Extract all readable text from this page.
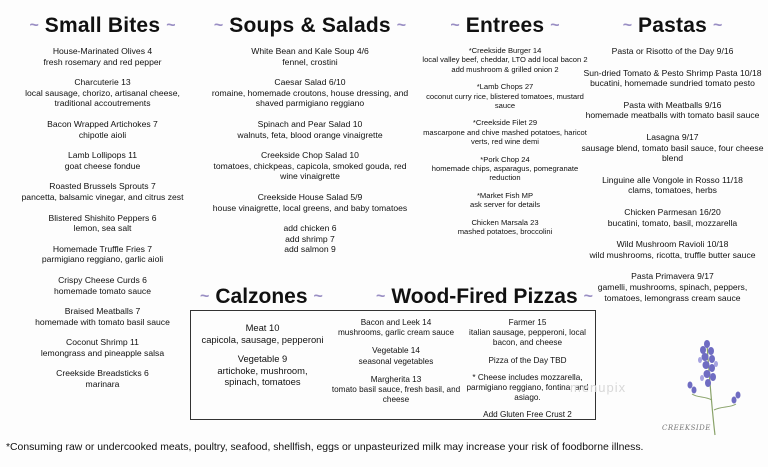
~ Small Bites ~
House-Marinated Olives 4
fresh rosemary and red pepper
Charcuterie 13
local sausage, chorizo, artisanal cheese, traditional accoutrements
Bacon Wrapped Artichokes 7
chipotle aioli
Lamb Lollipops 11
goat cheese fondue
Roasted Brussels Sprouts 7
pancetta, balsamic vinegar, and citrus zest
Blistered Shishito Peppers 6
lemon, sea salt
Homemade Truffle Fries 7
parmigiano reggiano, garlic aioli
Crispy Cheese Curds 6
homemade tomato sauce
Braised Meatballs 7
homemade with tomato basil sauce
Coconut Shrimp 11
lemongrass and pineapple salsa
Creekside Breadsticks 6
marinara
~ Soups & Salads ~
White Bean and Kale Soup 4/6
fennel, crostini
Caesar Salad 6/10
romaine, homemade croutons, house dressing, and shaved parmigiano reggiano
Spinach and Pear Salad 10
walnuts, feta, blood orange vinaigrette
Creekside Chop Salad 10
tomatoes, chickpeas, capicola, smoked gouda, red wine vinaigrette
Creekside House Salad 5/9
house vinaigrette, local greens, and baby tomatoes
add chicken 6
add shrimp 7
add salmon 9
~ Entrees ~
*Creekside Burger 14
local valley beef, cheddar, LTO add local bacon 2 add mushroom & grilled onion 2
*Lamb Chops 27
coconut curry rice, blistered tomatoes, mustard sauce
*Creekside Filet 29
mascarpone and chive mashed potatoes, haricot verts, red wine demi
*Pork Chop 24
homemade chips, asparagus, pomegranate reduction
*Market Fish MP
ask server for details
Chicken Marsala 23
mashed potatoes, broccolini
~ Pastas ~
Pasta or Risotto of the Day 9/16
Sun-dried Tomato & Pesto Shrimp Pasta 10/18
bucatini, homemade sundried tomato pesto
Pasta with Meatballs 9/16
homemade meatballs with tomato basil sauce
Lasagna 9/17
sausage blend, tomato basil sauce, four cheese blend
Linguine alle Vongole in Rosso 11/18
clams, tomatoes, herbs
Chicken Parmesan 16/20
bucatini, tomato, basil, mozzarella
Wild Mushroom Ravioli 10/18
wild mushrooms, ricotta, truffle butter sauce
Pasta Primavera 9/17
gamelli, mushrooms, spinach, peppers, tomatoes, lemongrass cream sauce
~ Calzones ~	~ Wood-Fired Pizzas ~
Meat 10
capicola, sausage, pepperoni
Vegetable 9
artichoke, mushroom, spinach, tomatoes
Bacon and Leek 14
mushrooms, garlic cream sauce
Vegetable 14
seasonal vegetables
Margherita 13
tomato basil sauce, fresh basil, and cheese
Farmer 15
italian sausage, pepperoni, local bacon, and cheese
Pizza of the Day TBD
* Cheese includes mozzarella, parmigiano reggiano, fontina, and asiago.
Add Gluten Free Crust 2
menupix
CREEKSIDE
*Consuming raw or undercooked meats, poultry, seafood, shellfish, eggs or unpasteurized milk may increase your risk of foodborne illness.
